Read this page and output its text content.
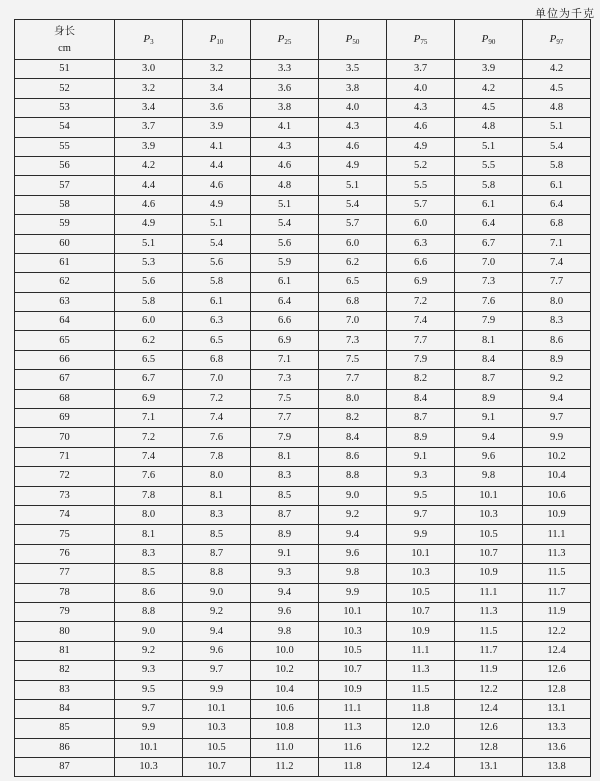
单位为千克
身长
cm	$P_3$	$P_{10}$	$P_{25}$	$P_{50}$	$P_{75}$	$P_{90}$	$P_{97}$
51	3.0	3.2	3.3	3.5	3.7	3.9	4.2
52	3.2	3.4	3.6	3.8	4.0	4.2	4.5
53	3.4	3.6	3.8	4.0	4.3	4.5	4.8
54	3.7	3.9	4.1	4.3	4.6	4.8	5.1
55	3.9	4.1	4.3	4.6	4.9	5.1	5.4
56	4.2	4.4	4.6	4.9	5.2	5.5	5.8
57	4.4	4.6	4.8	5.1	5.5	5.8	6.1
58	4.6	4.9	5.1	5.4	5.7	6.1	6.4
59	4.9	5.1	5.4	5.7	6.0	6.4	6.8
60	5.1	5.4	5.6	6.0	6.3	6.7	7.1
61	5.3	5.6	5.9	6.2	6.6	7.0	7.4
62	5.6	5.8	6.1	6.5	6.9	7.3	7.7
63	5.8	6.1	6.4	6.8	7.2	7.6	8.0
64	6.0	6.3	6.6	7.0	7.4	7.9	8.3
65	6.2	6.5	6.9	7.3	7.7	8.1	8.6
66	6.5	6.8	7.1	7.5	7.9	8.4	8.9
67	6.7	7.0	7.3	7.7	8.2	8.7	9.2
68	6.9	7.2	7.5	8.0	8.4	8.9	9.4
69	7.1	7.4	7.7	8.2	8.7	9.1	9.7
70	7.2	7.6	7.9	8.4	8.9	9.4	9.9
71	7.4	7.8	8.1	8.6	9.1	9.6	10.2
72	7.6	8.0	8.3	8.8	9.3	9.8	10.4
73	7.8	8.1	8.5	9.0	9.5	10.1	10.6
74	8.0	8.3	8.7	9.2	9.7	10.3	10.9
75	8.1	8.5	8.9	9.4	9.9	10.5	11.1
76	8.3	8.7	9.1	9.6	10.1	10.7	11.3
77	8.5	8.8	9.3	9.8	10.3	10.9	11.5
78	8.6	9.0	9.4	9.9	10.5	11.1	11.7
79	8.8	9.2	9.6	10.1	10.7	11.3	11.9
80	9.0	9.4	9.8	10.3	10.9	11.5	12.2
81	9.2	9.6	10.0	10.5	11.1	11.7	12.4
82	9.3	9.7	10.2	10.7	11.3	11.9	12.6
83	9.5	9.9	10.4	10.9	11.5	12.2	12.8
84	9.7	10.1	10.6	11.1	11.8	12.4	13.1
85	9.9	10.3	10.8	11.3	12.0	12.6	13.3
86	10.1	10.5	11.0	11.6	12.2	12.8	13.6
87	10.3	10.7	11.2	11.8	12.4	13.1	13.8
